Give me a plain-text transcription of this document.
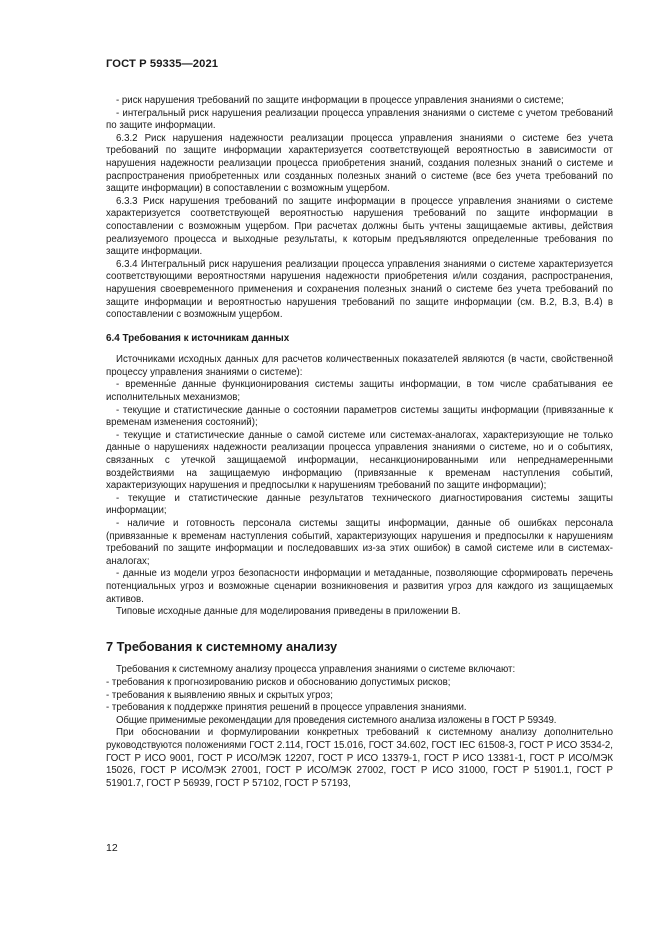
ГОСТ Р 59335—2021

- риск нарушения требований по защите информации в процессе управления знаниями о системе;

- интегральный риск нарушения реализации процесса управления знаниями о системе с учетом требований по защите информации.

6.3.2 Риск нарушения надежности реализации процесса управления знаниями о системе без учета требований по защите информации характеризуется соответствующей вероятностью в зависимости от нарушения надежности реализации процесса приобретения знаний, создания полезных знаний о системе и распространения приобретенных или созданных полезных знаний о системе (все без учета требований по защите информации) в сопоставлении с возможным ущербом.

6.3.3 Риск нарушения требований по защите информации в процессе управления знаниями о системе характеризуется соответствующей вероятностью нарушения требований по защите информации в сопоставлении с возможным ущербом. При расчетах должны быть учтены защищаемые активы, действия реализуемого процесса и выходные результаты, к которым предъявляются определенные требования по защите информации.

6.3.4 Интегральный риск нарушения реализации процесса управления знаниями о системе характеризуется соответствующими вероятностями нарушения надежности приобретения и/или создания, распространения, нарушения своевременного применения и сохранения полезных знаний о системе без учета требований по защите информации и вероятностью нарушения требований по защите информации (см. В.2, В.3, В.4) в сопоставлении с возможным ущербом.

6.4 Требования к источникам данных

Источниками исходных данных для расчетов количественных показателей являются (в части, свойственной процессу управления знаниями о системе):

- временны́е данные функционирования системы защиты информации, в том числе срабатывания ее исполнительных механизмов;

- текущие и статистические данные о состоянии параметров системы защиты информации (привязанные к временам изменения состояний);

- текущие и статистические данные о самой системе или системах-аналогах, характеризующие не только данные о нарушениях надежности реализации процесса управления знаниями о системе, но и о событиях, связанных с утечкой защищаемой информации, несанкционированными или непреднамеренными воздействиями на защищаемую информацию (привязанные к временам наступления событий, характеризующих нарушения и предпосылки к нарушениям требований по защите информации);

- текущие и статистические данные результатов технического диагностирования системы защиты информации;

- наличие и готовность персонала системы защиты информации, данные об ошибках персонала (привязанные к временам наступления событий, характеризующих нарушения и предпосылки к нарушениям требований по защите информации и последовавших из-за этих ошибок) в самой системе или в системах-аналогах;

- данные из модели угроз безопасности информации и метаданные, позволяющие сформировать перечень потенциальных угроз и возможные сценарии возникновения и развития угроз для каждого из защищаемых активов.

Типовые исходные данные для моделирования приведены в приложении В.

7 Требования к системному анализу

Требования к системному анализу процесса управления знаниями о системе включают:

- требования к прогнозированию рисков и обоснованию допустимых рисков;

- требования к выявлению явных и скрытых угроз;

- требования к поддержке принятия решений в процессе управления знаниями.

Общие применимые рекомендации для проведения системного анализа изложены в ГОСТ Р 59349.

При обосновании и формулировании конкретных требований к системному анализу дополнительно руководствуются положениями ГОСТ 2.114, ГОСТ 15.016, ГОСТ 34.602, ГОСТ IEC 61508-3, ГОСТ Р ИСО 3534-2, ГОСТ Р ИСО 9001, ГОСТ Р ИСО/МЭК 12207, ГОСТ Р ИСО 13379-1, ГОСТ Р ИСО 13381-1, ГОСТ Р ИСО/МЭК 15026, ГОСТ Р ИСО/МЭК 27001, ГОСТ Р ИСО/МЭК 27002, ГОСТ Р ИСО 31000, ГОСТ Р 51901.1, ГОСТ Р 51901.7, ГОСТ Р 56939, ГОСТ Р 57102, ГОСТ Р 57193,

12
